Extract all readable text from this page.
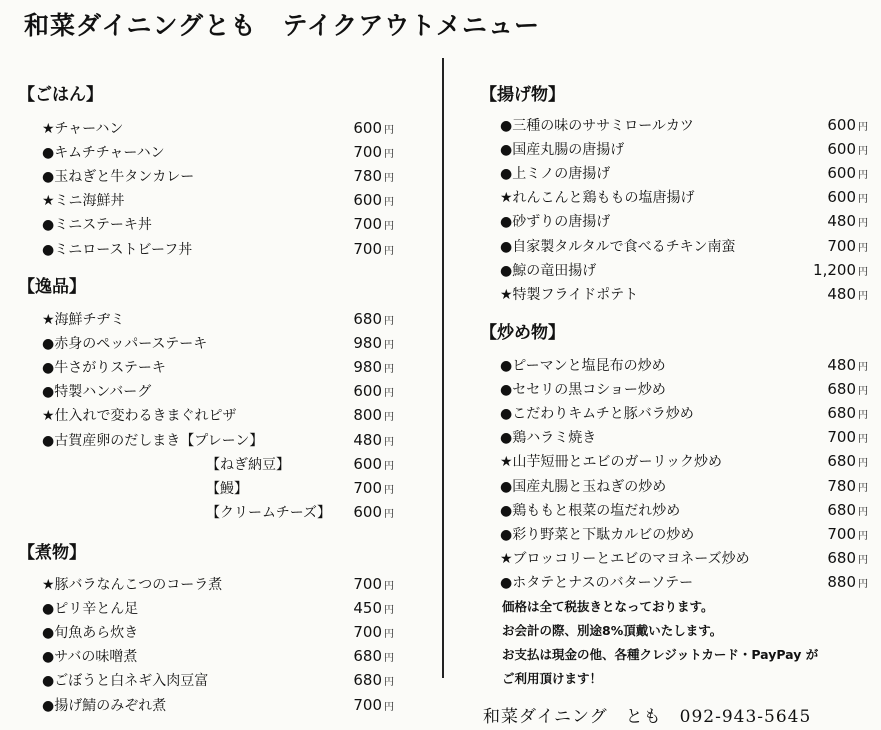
和菜ダイニングとも　テイクアウトメニュー
【ごはん】
★チャーハン	600 円
●キムチチャーハン	700 円
●玉ねぎと牛タンカレー	780 円
★ミニ海鮮丼	600 円
●ミニステーキ丼	700 円
●ミニローストビーフ丼	700 円
【逸品】
★海鮮チヂミ	680 円
●赤身のペッパーステーキ	980 円
●牛さがりステーキ	980 円
●特製ハンバーグ	600 円
★仕入れで変わるきまぐれピザ	800 円
●古賀産卵のだしまき【プレーン】	480 円
【ねぎ納豆】	600 円
【鰻】	700 円
【クリームチーズ】 600 円
【煮物】
★豚バラなんこつのコーラ煮	700 円
●ピリ辛とん足	450 円
●旬魚あら炊き	700 円
●サバの味噌煮	680 円
●ごぼうと白ネギ入肉豆富	680 円
●揚げ鯖のみぞれ煮	700 円
【揚げ物】
●三種の味のササミロールカツ	600 円
●国産丸腸の唐揚げ	600 円
●上ミノの唐揚げ	600 円
★れんこんと鶏ももの塩唐揚げ	600 円
●砂ずりの唐揚げ	480 円
●自家製タルタルで食べるチキン南蛮	700 円
●鯨の竜田揚げ	1,200 円
★特製フライドポテト	480 円
【炒め物】
●ピーマンと塩昆布の炒め	480 円
●セセリの黒コショー炒め	680 円
●こだわりキムチと豚バラ炒め	680 円
●鶏ハラミ焼き	700 円
★山芋短冊とエビのガーリック炒め	680 円
●国産丸腸と玉ねぎの炒め	780 円
●鶏ももと根菜の塩だれ炒め	680 円
●彩り野菜と下駄カルビの炒め	700 円
★ブロッコリーとエビのマヨネーズ炒め	680 円
●ホタテとナスのバターソテー	880 円
価格は全て税抜きとなっております。
お会計の際、別途8%頂戴いたします。
お支払は現金の他、各種クレジットカード・PayPay が
ご利用頂けます！
和菜ダイニング　とも　092-943-5645
